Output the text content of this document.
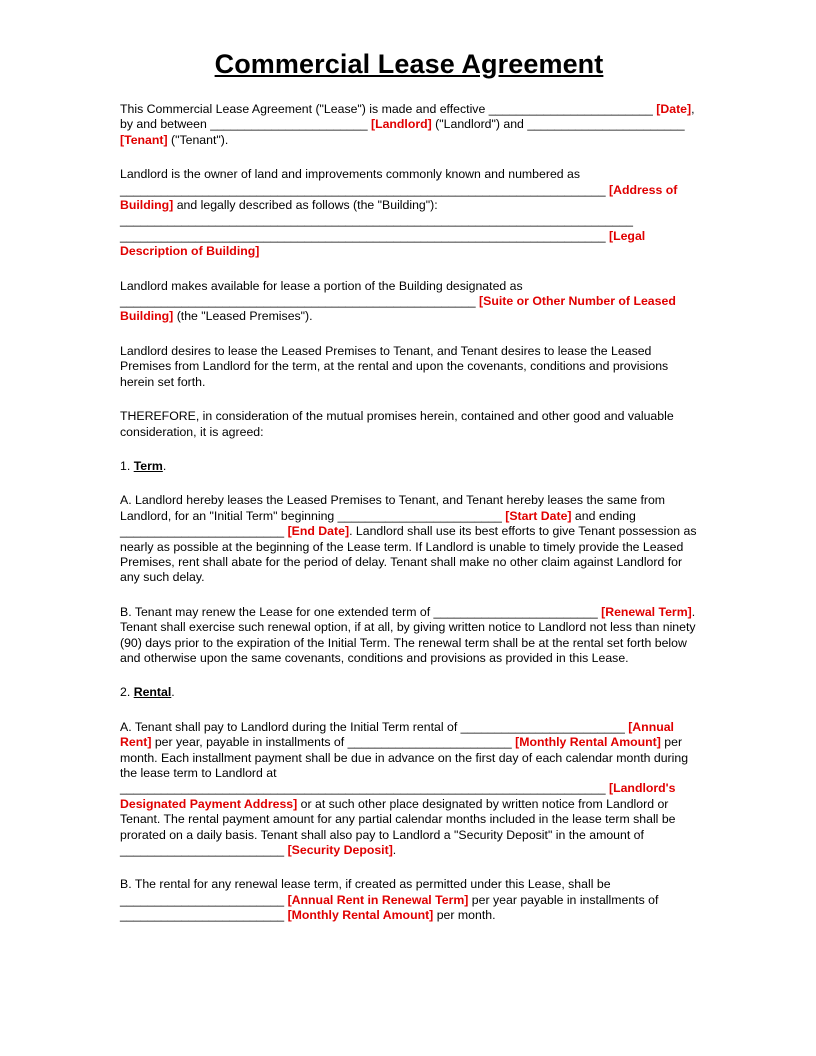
Commercial Lease Agreement
This Commercial Lease Agreement ("Lease") is made and effective ________________________ [Date], by and between _______________________ [Landlord] ("Landlord") and _______________________ [Tenant] ("Tenant").
Landlord is the owner of land and improvements commonly known and numbered as _______________________________________________________________________ [Address of Building] and legally described as follows (the "Building"): ___________________________________________________________________________ _______________________________________________________________________ [Legal Description of Building]
Landlord makes available for lease a portion of the Building designated as ____________________________________________________ [Suite or Other Number of Leased Building] (the "Leased Premises").
Landlord desires to lease the Leased Premises to Tenant, and Tenant desires to lease the Leased Premises from Landlord for the term, at the rental and upon the covenants, conditions and provisions herein set forth.
THEREFORE, in consideration of the mutual promises herein, contained and other good and valuable consideration, it is agreed:
1. Term.
A. Landlord hereby leases the Leased Premises to Tenant, and Tenant hereby leases the same from Landlord, for an "Initial Term" beginning ________________________ [Start Date] and ending ________________________ [End Date]. Landlord shall use its best efforts to give Tenant possession as nearly as possible at the beginning of the Lease term. If Landlord is unable to timely provide the Leased Premises, rent shall abate for the period of delay. Tenant shall make no other claim against Landlord for any such delay.
B. Tenant may renew the Lease for one extended term of ________________________ [Renewal Term]. Tenant shall exercise such renewal option, if at all, by giving written notice to Landlord not less than ninety (90) days prior to the expiration of the Initial Term. The renewal term shall be at the rental set forth below and otherwise upon the same covenants, conditions and provisions as provided in this Lease.
2. Rental.
A. Tenant shall pay to Landlord during the Initial Term rental of ________________________ [Annual Rent] per year, payable in installments of ________________________ [Monthly Rental Amount] per month. Each installment payment shall be due in advance on the first day of each calendar month during the lease term to Landlord at _______________________________________________________________________ [Landlord's Designated Payment Address] or at such other place designated by written notice from Landlord or Tenant. The rental payment amount for any partial calendar months included in the lease term shall be prorated on a daily basis. Tenant shall also pay to Landlord a "Security Deposit" in the amount of ________________________ [Security Deposit].
B. The rental for any renewal lease term, if created as permitted under this Lease, shall be ________________________ [Annual Rent in Renewal Term] per year payable in installments of ________________________ [Monthly Rental Amount] per month.
